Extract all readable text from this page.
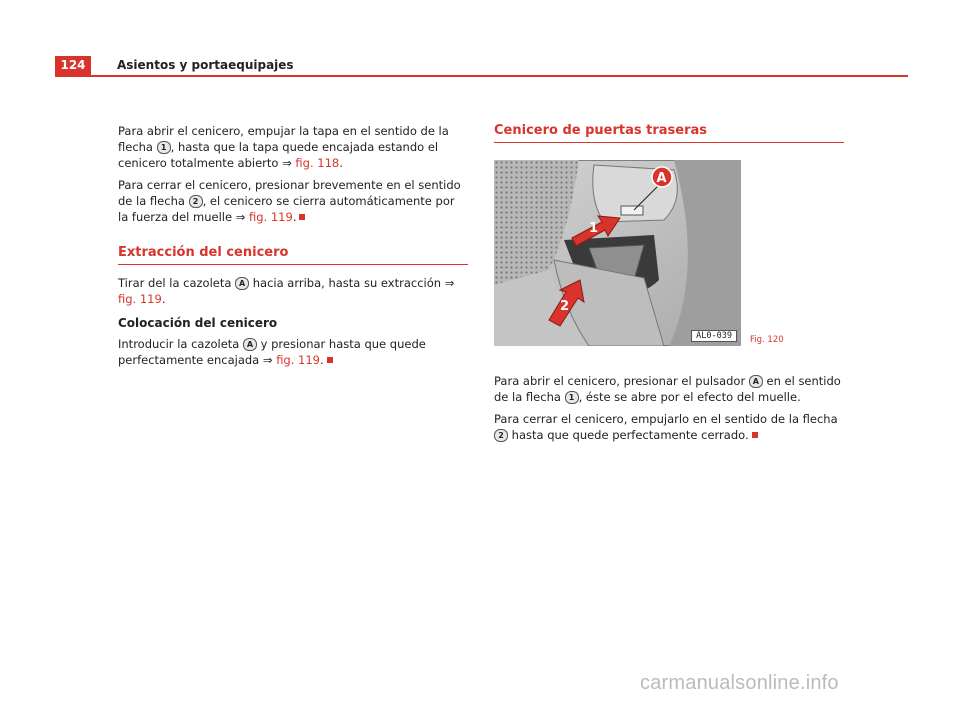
124	Asientos y portaequipajes

Para abrir el cenicero, empujar la tapa en el sentido de la flecha 1 , hasta que la tapa quede encajada estando el cenicero totalmente abierto ⇒ fig. 118.

Para cerrar el cenicero, presionar brevemente en el sentido de la flecha 2 , el cenicero se cierra automáticamente por la fuerza del muelle ⇒ fig. 119.

Extracción del cenicero

Tirar del la cazoleta A hacia arriba, hasta su extracción ⇒ fig. 119.

Colocación del cenicero

Introducir la cazoleta A y presionar hasta que quede perfectamente encajada ⇒ fig. 119.

Cenicero de puertas traseras
1
2
A
AL0-039	Fig. 120

Para abrir el cenicero, presionar el pulsador A en el sentido de la flecha 1 , éste se abre por el efecto del muelle.

Para cerrar el cenicero, empujarlo en el sentido de la flecha 2 hasta que quede perfectamente cerrado.

carmanualsonline.info
